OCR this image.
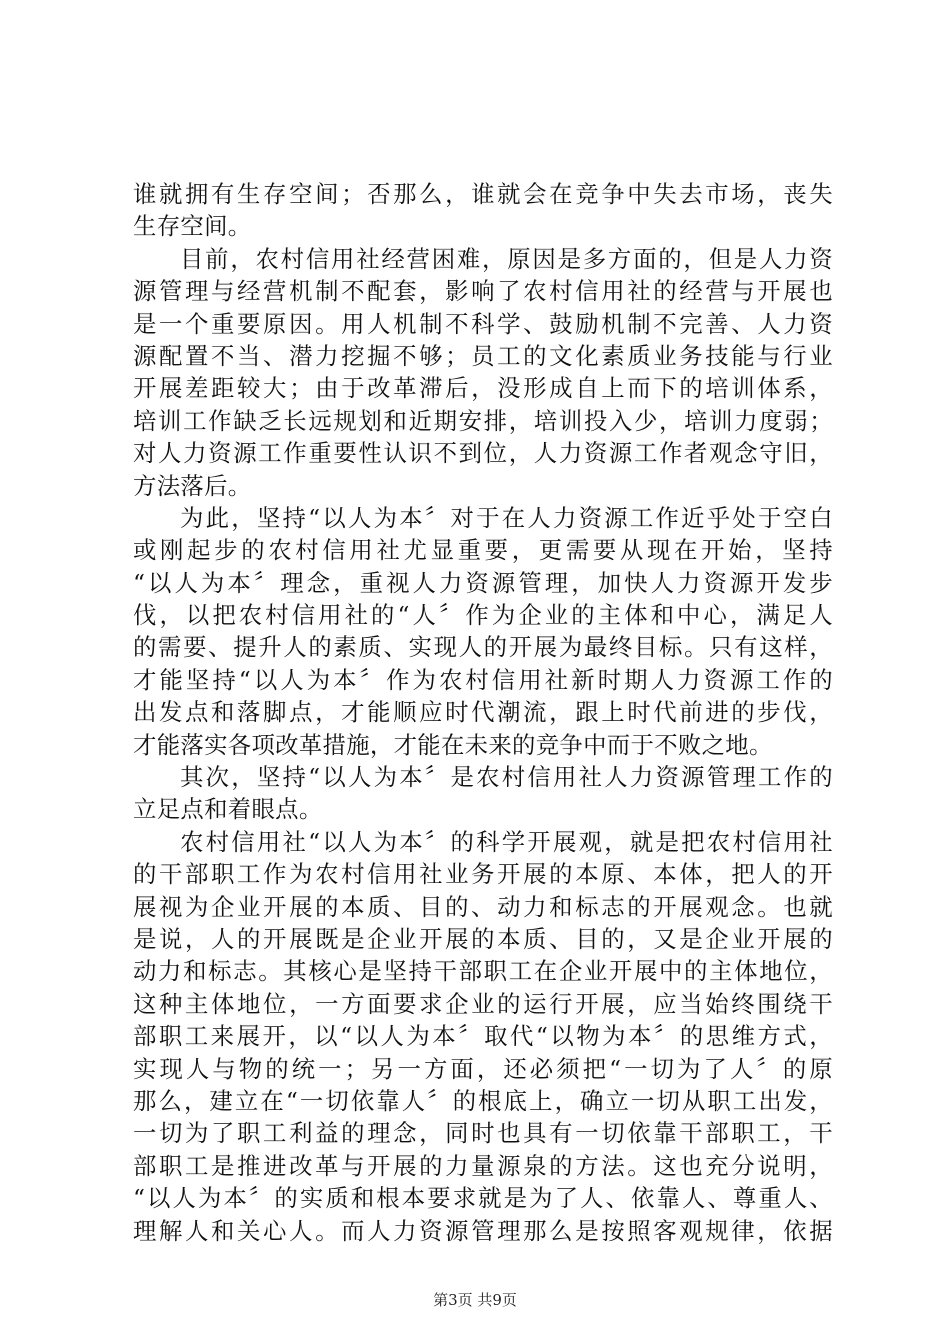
谁就拥有生存空间；否那么，谁就会在竞争中失去市场，丧失
生存空间。
目前，农村信用社经营困难，原因是多方面的，但是人力资
源管理与经营机制不配套，影响了农村信用社的经营与开展也
是一个重要原因。用人机制不科学、鼓励机制不完善、人力资
源配置不当、潜力挖掘不够；员工的文化素质业务技能与行业
开展差距较大；由于改革滞后，没形成自上而下的培训体系，
培训工作缺乏长远规划和近期安排，培训投入少，培训力度弱；
对人力资源工作重要性认识不到位，人力资源工作者观念守旧，
方法落后。
为此，坚持“以人为本〞对于在人力资源工作近乎处于空白
或刚起步的农村信用社尤显重要，更需要从现在开始，坚持
“以人为本〞理念，重视人力资源管理，加快人力资源开发步
伐，以把农村信用社的“人〞作为企业的主体和中心，满足人
的需要、提升人的素质、实现人的开展为最终目标。只有这样，
才能坚持“以人为本〞作为农村信用社新时期人力资源工作的
出发点和落脚点，才能顺应时代潮流，跟上时代前进的步伐，
才能落实各项改革措施，才能在未来的竞争中而于不败之地。
其次，坚持“以人为本〞是农村信用社人力资源管理工作的
立足点和着眼点。
农村信用社“以人为本〞的科学开展观，就是把农村信用社
的干部职工作为农村信用社业务开展的本原、本体，把人的开
展视为企业开展的本质、目的、动力和标志的开展观念。也就
是说，人的开展既是企业开展的本质、目的，又是企业开展的
动力和标志。其核心是坚持干部职工在企业开展中的主体地位，
这种主体地位，一方面要求企业的运行开展，应当始终围绕干
部职工来展开，以“以人为本〞取代“以物为本〞的思维方式，
实现人与物的统一；另一方面，还必须把“一切为了人〞的原
那么，建立在“一切依靠人〞的根底上，确立一切从职工出发，
一切为了职工利益的理念，同时也具有一切依靠干部职工，干
部职工是推进改革与开展的力量源泉的方法。这也充分说明，
“以人为本〞的实质和根本要求就是为了人、依靠人、尊重人、
理解人和关心人。而人力资源管理那么是按照客观规律，依据
第3页 共9页
